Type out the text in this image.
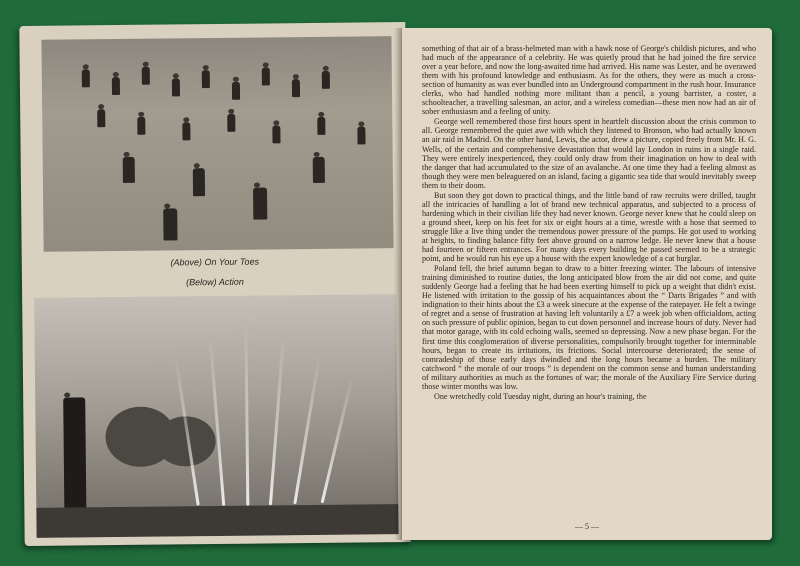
(Above) On Your Toes
(Below) Action

something of that air of a brass-helmeted man with a hawk nose of George's childish pictures, and who had much of the appearance of a celebrity. He was quietly proud that he had joined the fire service over a year before, and now the long-awaited time had arrived. His name was Lester, and he overawed them with his profound knowledge and enthusiasm. As for the others, they were as much a cross-section of humanity as was ever bundled into an Underground compartment in the rush hour. Insurance clerks, who had handled nothing more militant than a pencil, a young barrister, a coster, a schoolteacher, a travelling salesman, an actor, and a wireless comedian—these men now had an air of sober enthusiasm and a feeling of unity.

George well remembered those first hours spent in heartfelt discussion about the crisis common to all. George remembered the quiet awe with which they listened to Bronson, who had actually known an air raid in Madrid. On the other hand, Lewis, the actor, drew a picture, copied freely from Mr. H. G. Wells, of the certain and comprehensive devastation that would lay London in ruins in a single raid. They were entirely inexperienced, they could only draw from their imagination on how to deal with the danger that had accumulated to the size of an avalanche. At one time they had a feeling almost as though they were men beleaguered on an island, facing a gigantic sea tide that would inevitably sweep them to their doom.

But soon they got down to practical things, and the little band of raw recruits were drilled, taught all the intricacies of handling a lot of brand new technical apparatus, and subjected to a process of hardening which in their civilian life they had never known. George never knew that he could sleep on a ground sheet, keep on his feet for six or eight hours at a time, wrestle with a hose that seemed to struggle like a live thing under the tremendous power pressure of the pumps. He got used to working at heights, to finding balance fifty feet above ground on a narrow ledge. He never knew that a house had fourteen or fifteen entrances. For many days every building he passed seemed to be a strategic point, and he would run his eye up a house with the expert knowledge of a cat burglar.

Poland fell, the brief autumn began to draw to a bitter freezing winter. The labours of intensive training diminished to routine duties, the long anticipated blow from the air did not come, and quite suddenly George had a feeling that he had been exerting himself to pick up a weight that didn't exist. He listened with irritation to the gossip of his acquaintances about the “ Darts Brigades ” and with indignation to their hints about the £3 a week sinecure at the expense of the ratepayer. He felt a twinge of regret and a sense of frustration at having left voluntarily a £7 a week job when officialdom, acting on such pressure of public opinion, began to cut down personnel and increase hours of duty. Never had that motor garage, with its cold echoing walls, seemed so depressing. Now a new phase began. For the first time this conglomeration of diverse personalities, compulsorily brought together for interminable hours, began to create its irritations, its frictions. Social intercourse deteriorated; the sense of comradeship of those early days dwindled and the long hours became a burden. The military catchword “ the morale of our troops ” is dependent on the common sense and human understanding of military authorities as much as the fortunes of war; the morale of the Auxiliary Fire Service during those winter months was low.

One wretchedly cold Tuesday night, during an hour's training, the

— 5 —
